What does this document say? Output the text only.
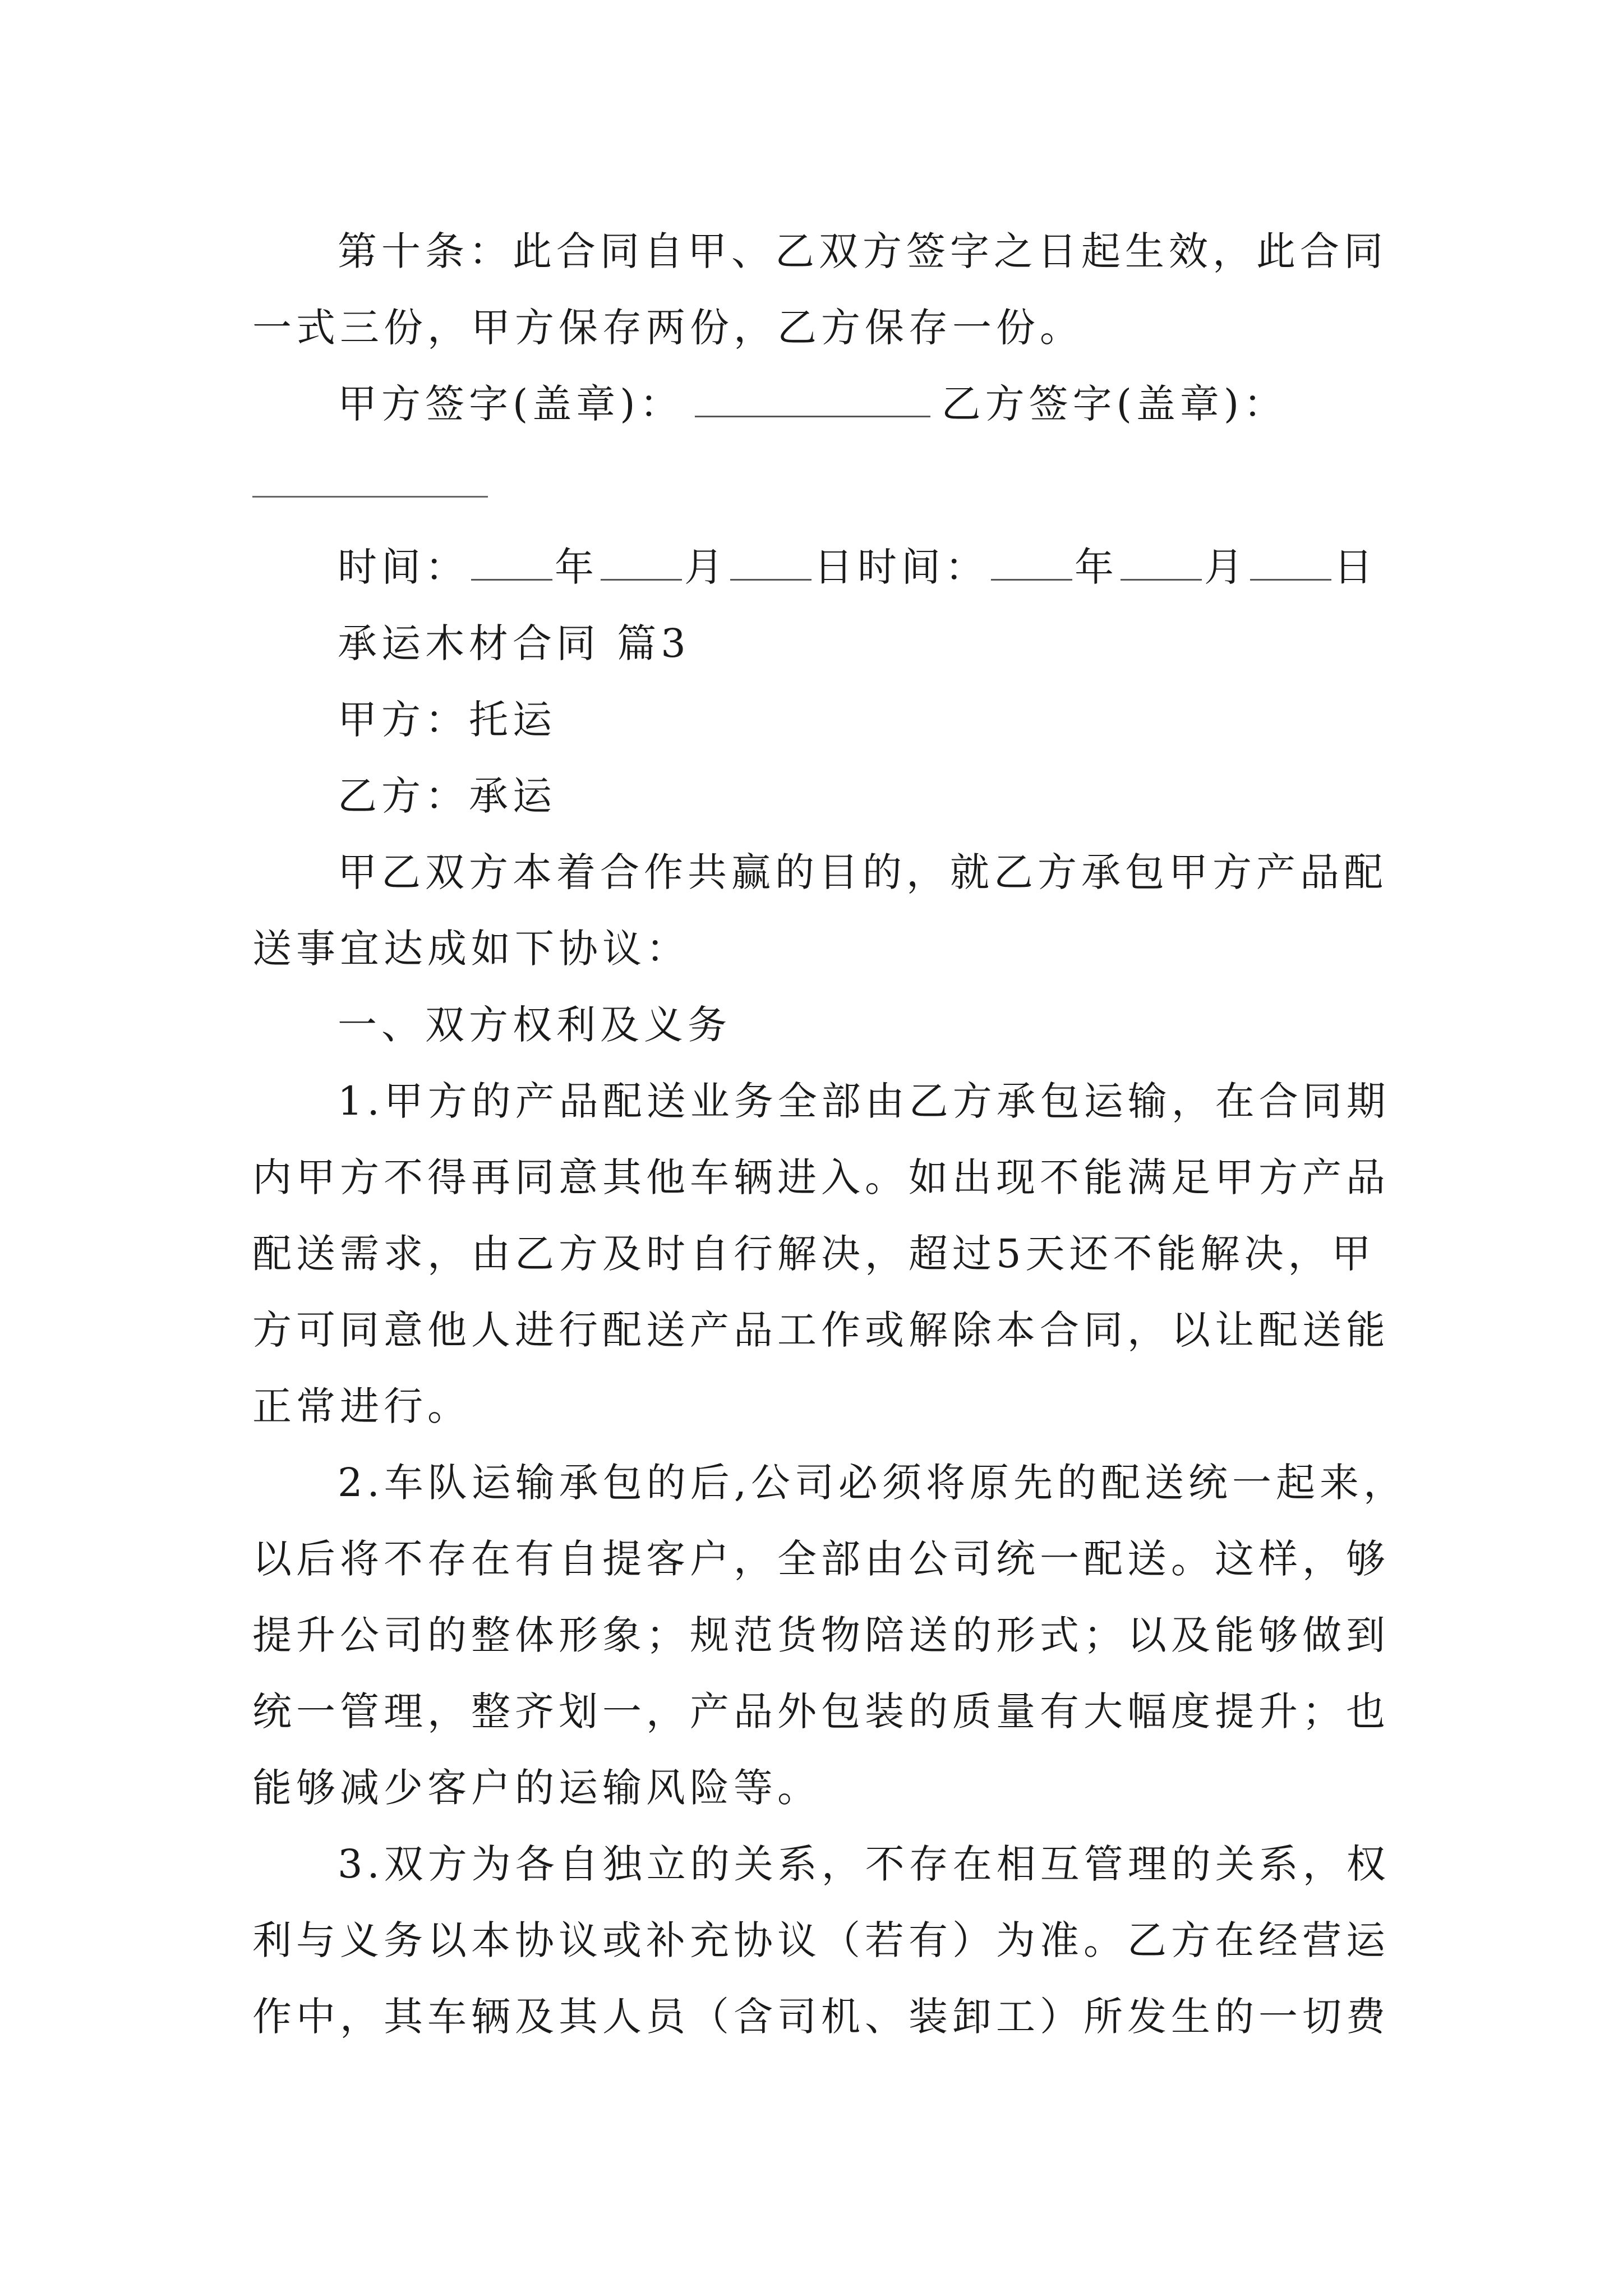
第十条：此合同自甲、乙双方签字之日起生效，此合同

一式三份，甲方保存两份，乙方保存一份。

甲方签字(盖章)：	乙方签字(盖章)：

时间： 年 月 日时间： 年 月 日

承运木材合同 篇3

甲方：托运

乙方：承运

甲乙双方本着合作共赢的目的，就乙方承包甲方产品配

送事宜达成如下协议：

一、双方权利及义务

1.甲方的产品配送业务全部由乙方承包运输，在合同期

内甲方不得再同意其他车辆进入。如出现不能满足甲方产品

配送需求，由乙方及时自行解决，超过5天还不能解决，甲

方可同意他人进行配送产品工作或解除本合同，以让配送能

正常进行。

2.车队运输承包的后,公司必须将原先的配送统一起来，

以后将不存在有自提客户，全部由公司统一配送。这样，够

提升公司的整体形象；规范货物陪送的形式；以及能够做到

统一管理，整齐划一，产品外包装的质量有大幅度提升；也

能够减少客户的运输风险等。

3.双方为各自独立的关系，不存在相互管理的关系，权

利与义务以本协议或补充协议（若有）为准。乙方在经营运

作中，其车辆及其人员（含司机、装卸工）所发生的一切费
